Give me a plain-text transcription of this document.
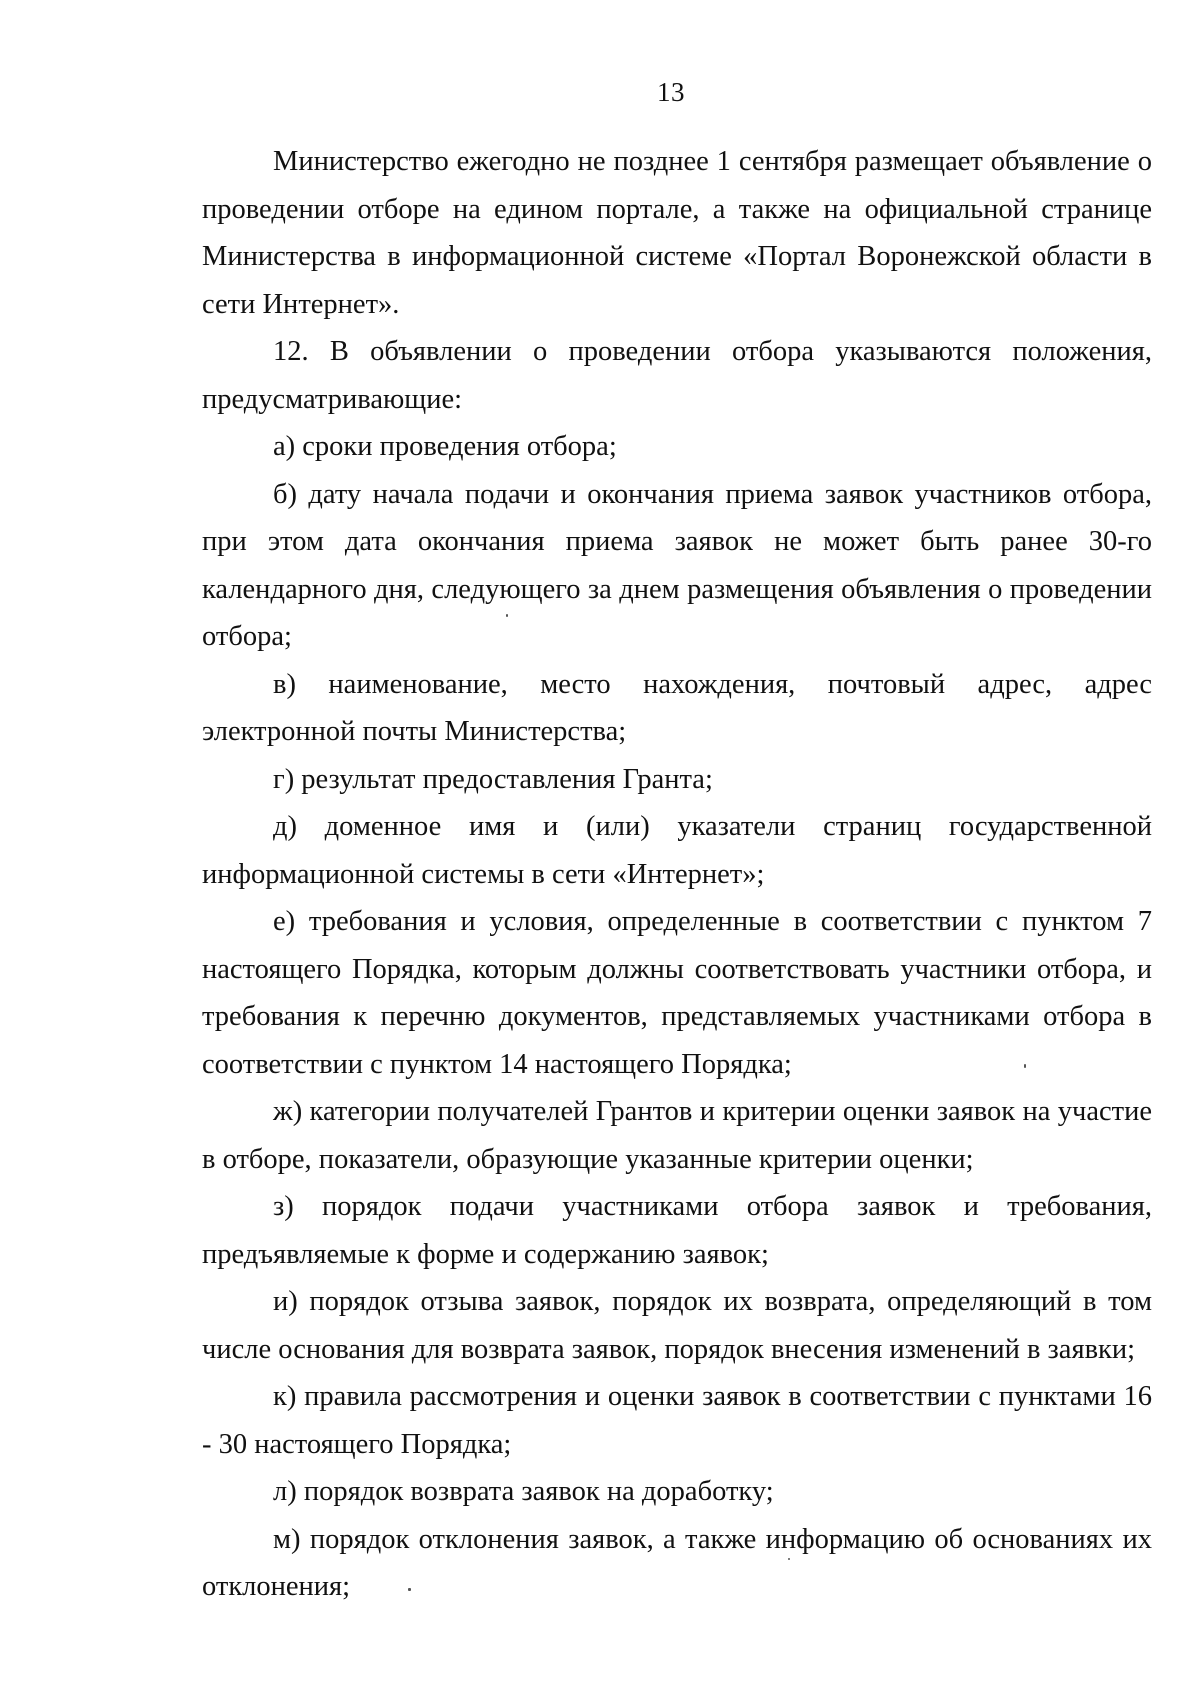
13

Министерство ежегодно не позднее 1 сентября размещает объявление о проведении отборе на едином портале, а также на официальной странице Министерства в информационной системе «Портал Воронежской области в сети Интернет».

12. В объявлении о проведении отбора указываются положения, предусматривающие:

а) сроки проведения отбора;

б) дату начала подачи и окончания приема заявок участников отбора, при этом дата окончания приема заявок не может быть ранее 30-го календарного дня, следующего за днем размещения объявления о проведении отбора;

в) наименование, место нахождения, почтовый адрес, адрес электронной почты Министерства;

г) результат предоставления Гранта;

д) доменное имя и (или) указатели страниц государственной информационной системы в сети «Интернет»;

е) требования и условия, определенные в соответствии с пунктом 7 настоящего Порядка, которым должны соответствовать участники отбора, и требования к перечню документов, представляемых участниками отбора в соответствии с пунктом 14 настоящего Порядка;

ж) категории получателей Грантов и критерии оценки заявок на участие в отборе, показатели, образующие указанные критерии оценки;

з) порядок подачи участниками отбора заявок и требования, предъявляемые к форме и содержанию заявок;

и) порядок отзыва заявок, порядок их возврата, определяющий в том числе основания для возврата заявок, порядок внесения изменений в заявки;

к) правила рассмотрения и оценки заявок в соответствии с пунктами 16 - 30 настоящего Порядка;

л) порядок возврата заявок на доработку;

м) порядок отклонения заявок, а также информацию об основаниях их отклонения;
